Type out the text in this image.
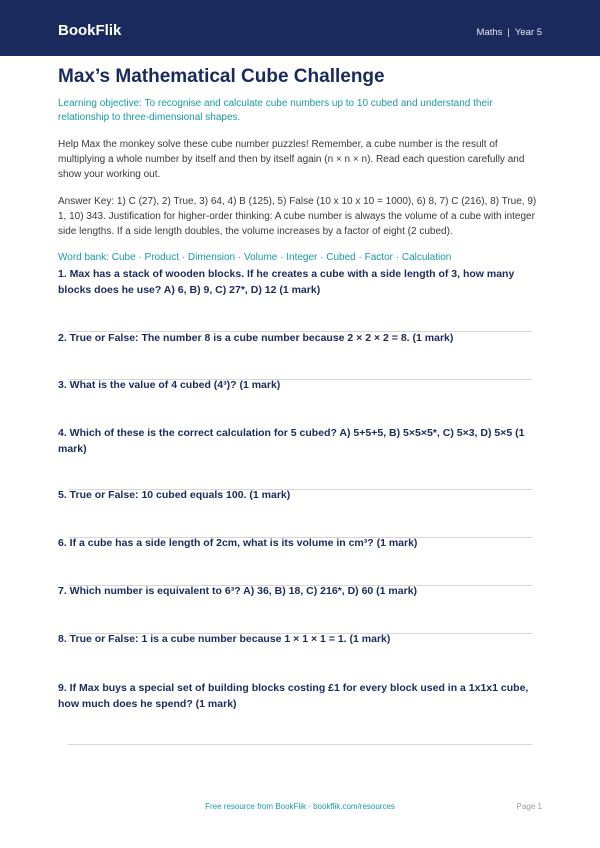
BookFlik	Maths | Year 5
Max’s Mathematical Cube Challenge
Learning objective: To recognise and calculate cube numbers up to 10 cubed and understand their relationship to three-dimensional shapes.
Help Max the monkey solve these cube number puzzles! Remember, a cube number is the result of multiplying a whole number by itself and then by itself again (n × n × n). Read each question carefully and show your working out.
Answer Key: 1) C (27), 2) True, 3) 64, 4) B (125), 5) False (10 x 10 x 10 = 1000), 6) 8, 7) C (216), 8) True, 9) 1, 10) 343. Justification for higher-order thinking: A cube number is always the volume of a cube with integer side lengths. If a side length doubles, the volume increases by a factor of eight (2 cubed).
Word bank: Cube · Product · Dimension · Volume · Integer · Cubed · Factor · Calculation
1. Max has a stack of wooden blocks. If he creates a cube with a side length of 3, how many blocks does he use? A) 6, B) 9, C) 27*, D) 12 (1 mark)
2. True or False: The number 8 is a cube number because 2 × 2 × 2 = 8. (1 mark)
3. What is the value of 4 cubed (4³)? (1 mark)
4. Which of these is the correct calculation for 5 cubed? A) 5+5+5, B) 5×5×5*, C) 5×3, D) 5×5 (1 mark)
5. True or False: 10 cubed equals 100. (1 mark)
6. If a cube has a side length of 2cm, what is its volume in cm³? (1 mark)
7. Which number is equivalent to 6³? A) 36, B) 18, C) 216*, D) 60 (1 mark)
8. True or False: 1 is a cube number because 1 × 1 × 1 = 1. (1 mark)
9. If Max buys a special set of building blocks costing £1 for every block used in a 1x1x1 cube, how much does he spend? (1 mark)
Free resource from BookFlik · bookflik.com/resources	Page 1
